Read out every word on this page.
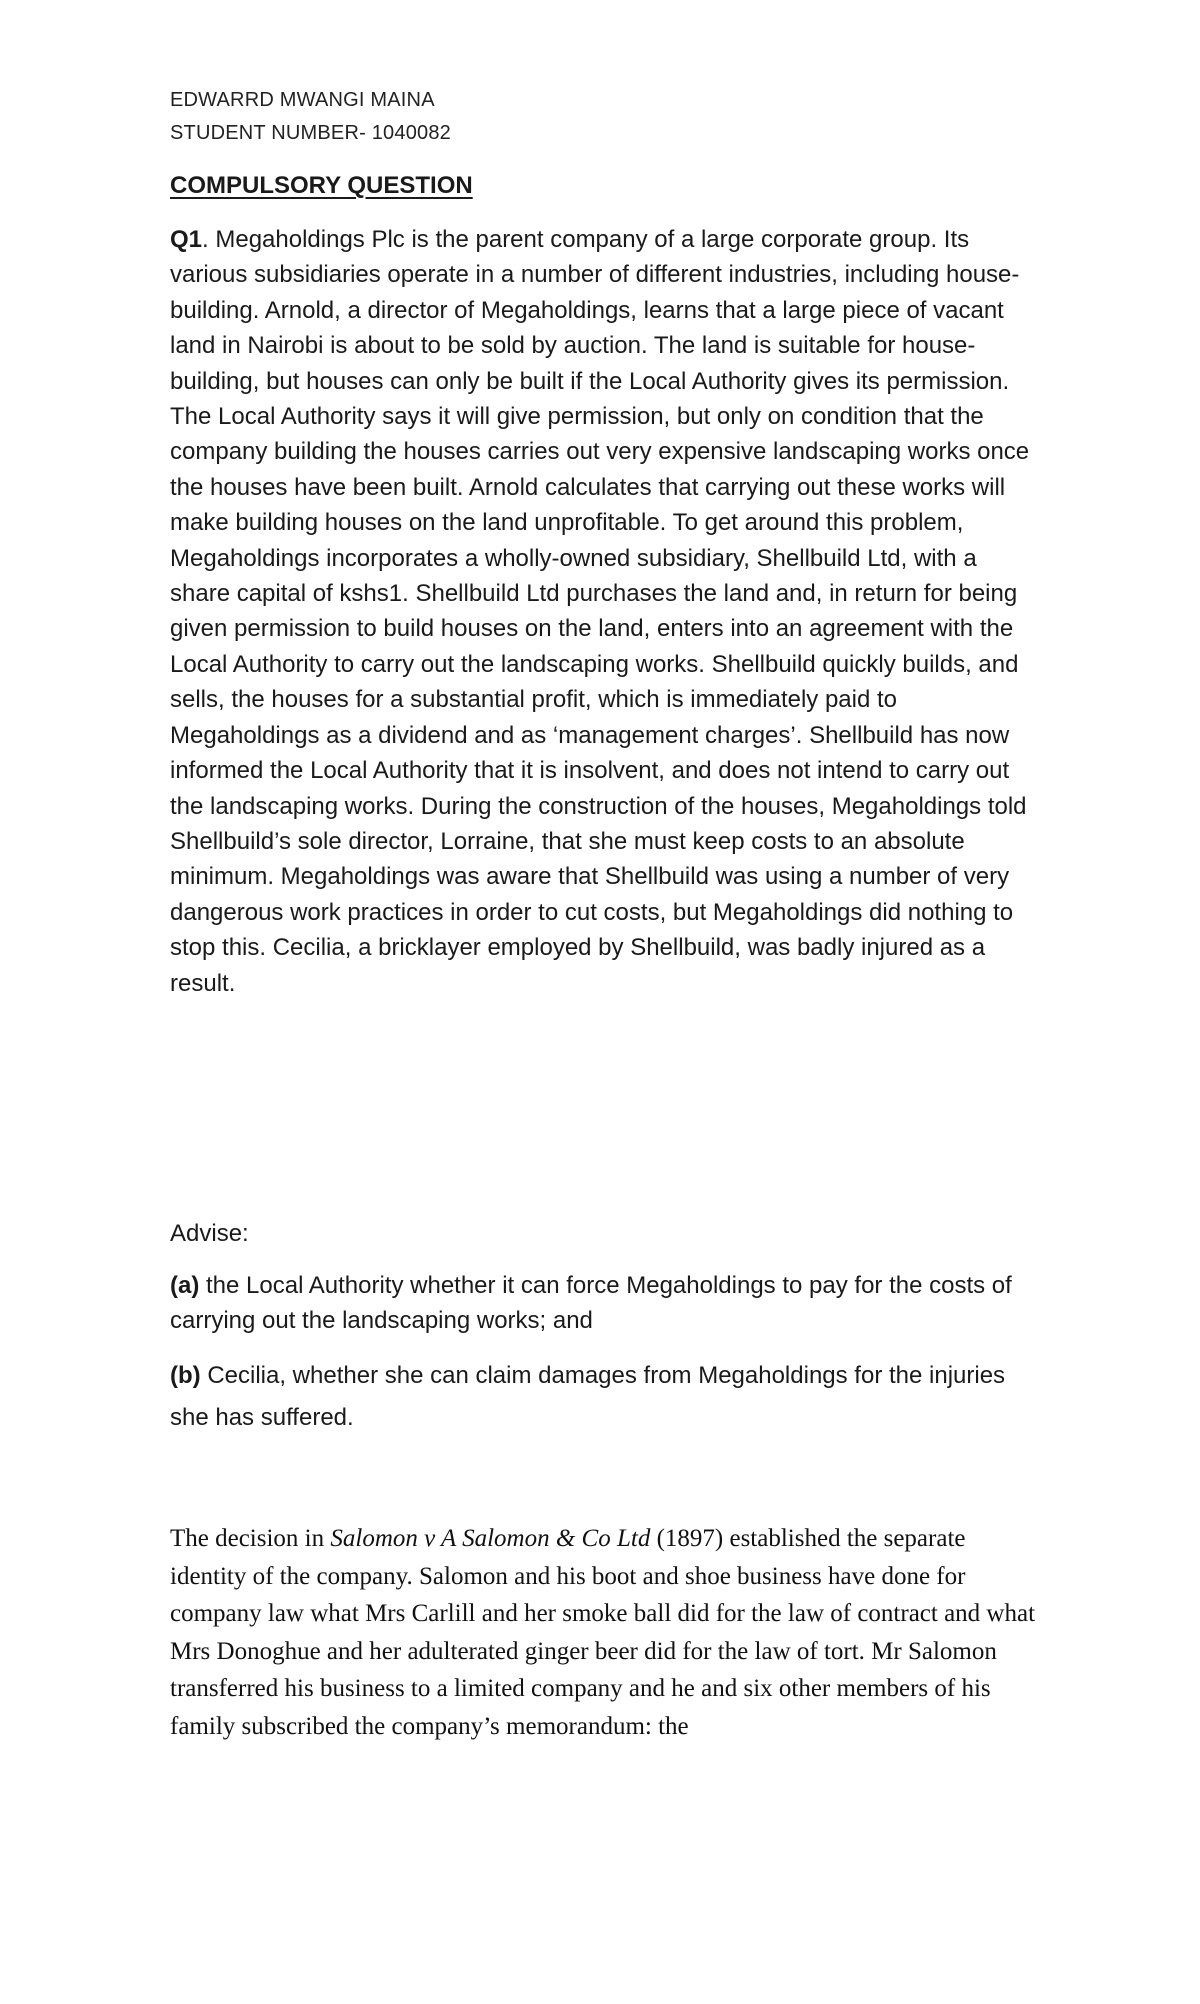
EDWARRD MWANGI MAINA
STUDENT NUMBER- 1040082
COMPULSORY QUESTION

Q1. Megaholdings Plc is the parent company of a large corporate group. Its various subsidiaries operate in a number of different industries, including house-building. Arnold, a director of Megaholdings, learns that a large piece of vacant land in Nairobi is about to be sold by auction. The land is suitable for house-building, but houses can only be built if the Local Authority gives its permission. The Local Authority says it will give permission, but only on condition that the company building the houses carries out very expensive landscaping works once the houses have been built. Arnold calculates that carrying out these works will make building houses on the land unprofitable. To get around this problem, Megaholdings incorporates a wholly-owned subsidiary, Shellbuild Ltd, with a share capital of kshs1. Shellbuild Ltd purchases the land and, in return for being given permission to build houses on the land, enters into an agreement with the Local Authority to carry out the landscaping works. Shellbuild quickly builds, and sells, the houses for a substantial profit, which is immediately paid to Megaholdings as a dividend and as ‘management charges’. Shellbuild has now informed the Local Authority that it is insolvent, and does not intend to carry out the landscaping works. During the construction of the houses, Megaholdings told Shellbuild’s sole director, Lorraine, that she must keep costs to an absolute minimum. Megaholdings was aware that Shellbuild was using a number of very dangerous work practices in order to cut costs, but Megaholdings did nothing to stop this. Cecilia, a bricklayer employed by Shellbuild, was badly injured as a result.

Advise:

(a) the Local Authority whether it can force Megaholdings to pay for the costs of carrying out the landscaping works; and

(b) Cecilia, whether she can claim damages from Megaholdings for the injuries she has suffered.

The decision in Salomon v A Salomon & Co Ltd (1897) established the separate identity of the company. Salomon and his boot and shoe business have done for company law what Mrs Carlill and her smoke ball did for the law of contract and what Mrs Donoghue and her adulterated ginger beer did for the law of tort. Mr Salomon transferred his business to a limited company and he and six other members of his family subscribed the company’s memorandum: the
